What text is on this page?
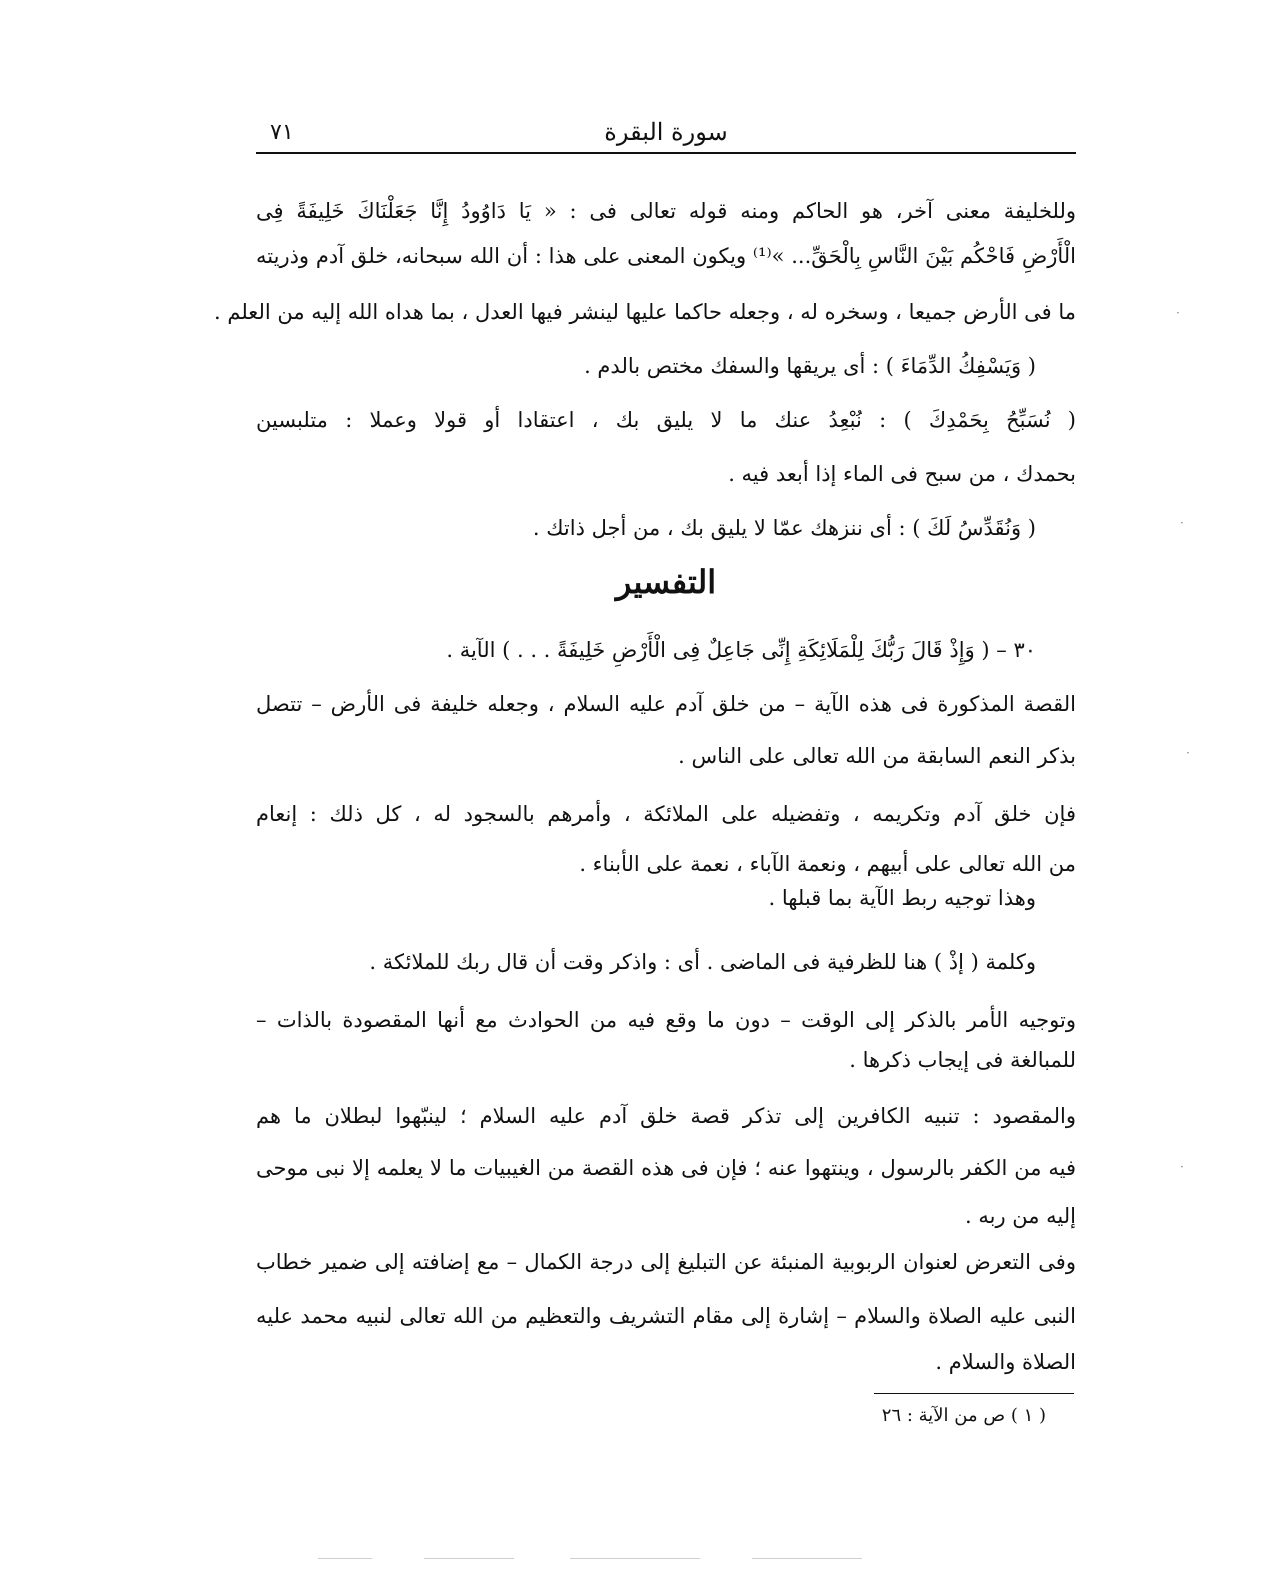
٧١	سورة البقرة
وللخليفة معنى آخر، هو الحاكم ومنه قوله تعالى فى : « يَا دَاوُودُ إِنَّا جَعَلْنَاكَ خَلِيفَةً فِى
الْأَرْضِ فَاحْكُم بَيْنَ النَّاسِ بِالْحَقِّ... »⁽¹⁾ ويكون المعنى على هذا : أن الله سبحانه، خلق آدم وذريته
ما فى الأرض جميعا ، وسخره له ، وجعله حاكما عليها لينشر فيها العدل ، بما هداه الله إليه من العلم .
( وَيَسْفِكُ الدِّمَاءَ ) : أى يريقها والسفك مختص بالدم .
( نُسَبِّحُ بِحَمْدِكَ ) : نُبْعِدُ عنك ما لا يليق بك ، اعتقادا أو قولا وعملا : متلبسين
بحمدك ، من سبح فى الماء إذا أبعد فيه .
( وَنُقَدِّسُ لَكَ ) : أى ننزهك عمّا لا يليق بك ، من أجل ذاتك .
التفسير
٣٠ – ( وَإِذْ قَالَ رَبُّكَ لِلْمَلَائِكَةِ إِنِّى جَاعِلٌ فِى الْأَرْضِ خَلِيفَةً . . . ) الآية .
القصة المذكورة فى هذه الآية – من خلق آدم عليه السلام ، وجعله خليفة فى الأرض – تتصل
بذكر النعم السابقة من الله تعالى على الناس .
فإن خلق آدم وتكريمه ، وتفضيله على الملائكة ، وأمرهم بالسجود له ، كل ذلك : إنعام
من الله تعالى على أبيهم ، ونعمة الآباء ، نعمة على الأبناء .
وهذا توجيه ربط الآية بما قبلها .
وكلمة ( إذْ ) هنا للظرفية فى الماضى . أى : واذكر وقت أن قال ربك للملائكة .
وتوجيه الأمر بالذكر إلى الوقت – دون ما وقع فيه من الحوادث مع أنها المقصودة بالذات –
للمبالغة فى إيجاب ذكرها .
والمقصود : تنبيه الكافرين إلى تذكر قصة خلق آدم عليه السلام ؛ لينبّهوا لبطلان ما هم
فيه من الكفر بالرسول ، وينتهوا عنه ؛ فإن فى هذه القصة من الغيبيات ما لا يعلمه إلا نبى موحى
إليه من ربه .
وفى التعرض لعنوان الربوبية المنبئة عن التبليغ إلى درجة الكمال – مع إضافته إلى ضمير خطاب
النبى عليه الصلاة والسلام – إشارة إلى مقام التشريف والتعظيم من الله تعالى لنبيه محمد عليه
الصلاة والسلام .
( ١ ) ص من الآية : ٢٦
·
·
·
·
